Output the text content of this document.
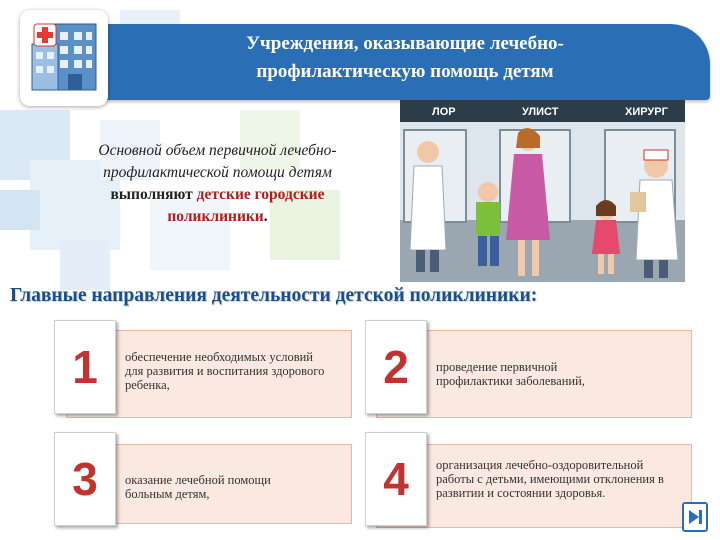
Учреждения, оказывающие лечебно-
профилактическую помощь детям
Основной объем первичной лечебно-
профилактической помощи детям
выполняют детские городские
поликлиники.
ЛОР	УЛИСТ	ХИРУРГ
Главные направления деятельности детской поликлиники:
1	обеспечение необходимых условий для развития и воспитания здорового ребенка,	2	проведение первичной профилактики заболеваний,
3	оказание лечебной помощи больным детям,	4	организация лечебно-оздоровительной работы с детьми, имеющими отклонения в развитии и состоянии здоровья.
